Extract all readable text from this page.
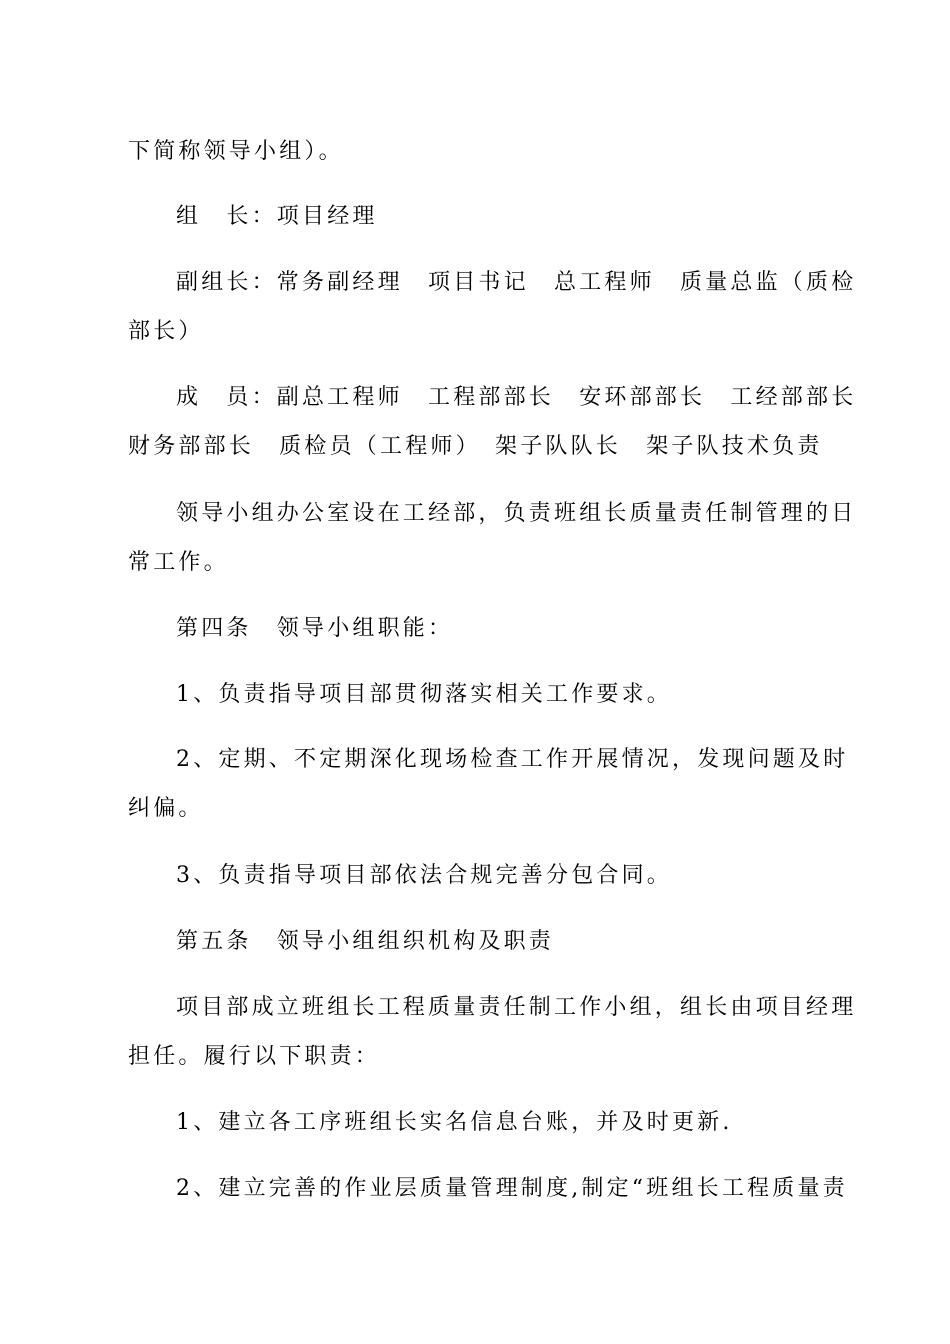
下简称领导小组）。
组　长：项目经理
副组长：常务副经理　项目书记　总工程师　质量总监（质检
部长）
成　员：副总工程师　工程部部长　安环部部长　工经部部长
财务部部长　质检员（工程师）　架子队队长　架子队技术负责
领导小组办公室设在工经部，负责班组长质量责任制管理的日
常工作。
第四条　领导小组职能：
1、负责指导项目部贯彻落实相关工作要求。
2、定期、不定期深化现场检查工作开展情况，发现问题及时
纠偏。
3、负责指导项目部依法合规完善分包合同。
第五条　领导小组组织机构及职责
项目部成立班组长工程质量责任制工作小组，组长由项目经理
担任。履行以下职责：
1、建立各工序班组长实名信息台账，并及时更新.
2、建立完善的作业层质量管理制度,制定“班组长工程质量责
